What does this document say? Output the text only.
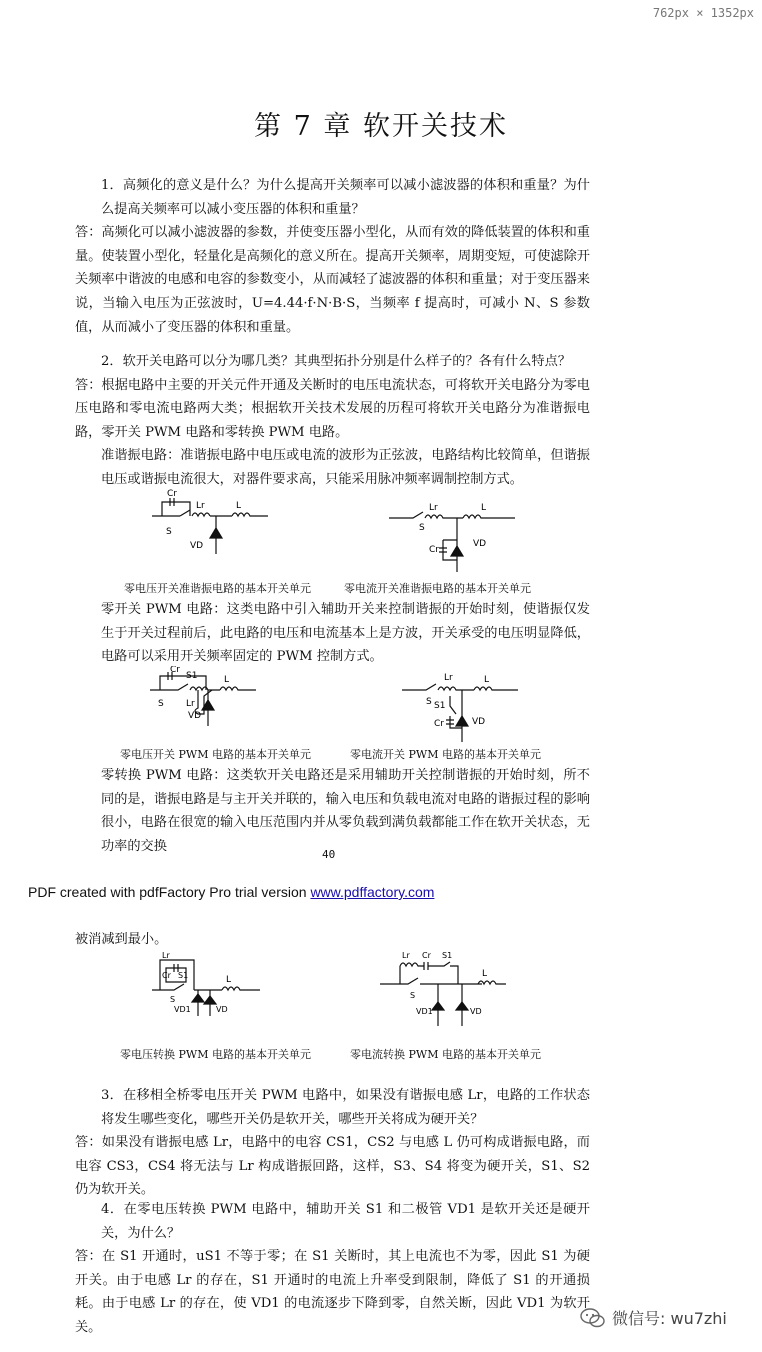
762px × 1352px
第 7 章 软开关技术
1．高频化的意义是什么？为什么提高开关频率可以减小滤波器的体积和重量？为什么提高关频率可以减小变压器的体积和重量？
答：高频化可以减小滤波器的参数，并使变压器小型化，从而有效的降低装置的体积和重量。使装置小型化，轻量化是高频化的意义所在。提高开关频率，周期变短，可使滤除开关频率中谐波的电感和电容的参数变小，从而减轻了滤波器的体积和重量；对于变压器来说，当输入电压为正弦波时，U=4.44·f·N·B·S，当频率 f 提高时，可减小 N、S 参数值，从而减小了变压器的体积和重量。
2．软开关电路可以分为哪几类？其典型拓扑分别是什么样子的？各有什么特点？
答：根据电路中主要的开关元件开通及关断时的电压电流状态，可将软开关电路分为零电压电路和零电流电路两大类；根据软开关技术发展的历程可将软开关电路分为准谐振电路，零开关 PWM 电路和零转换 PWM 电路。
准谐振电路：准谐振电路中电压或电流的波形为正弦波，电路结构比较简单，但谐振电压或谐振电流很大，对器件要求高，只能采用脉冲频率调制控制方式。
Cr
S
Lr	L
VD
S
Lr	L
Cr
VD
零电压开关准谐振电路的基本开关单元	零电流开关准谐振电路的基本开关单元
零开关 PWM 电路：这类电路中引入辅助开关来控制谐振的开始时刻，使谐振仅发生于开关过程前后，此电路的电压和电流基本上是方波，开关承受的电压明显降低，电路可以采用开关频率固定的 PWM 控制方式。
Cr
S1
S Lr
L
VD
S
Lr	L
S1
Cr	VD
零电压开关 PWM 电路的基本开关单元	零电流开关 PWM 电路的基本开关单元
零转换 PWM 电路：这类软开关电路还是采用辅助开关控制谐振的开始时刻，所不同的是，谐振电路是与主开关并联的，输入电压和负载电流对电路的谐振过程的影响很小，电路在很宽的输入电压范围内并从零负载到满负载都能工作在软开关状态，无功率的交换
40
PDF created with pdfFactory Pro trial version www.pdffactory.com
被消减到最小。
Lr
Cr S1
S
L
VD1	VD
Lr Cr S1
S
L
VD1	VD
零电压转换 PWM 电路的基本开关单元	零电流转换 PWM 电路的基本开关单元
3．在移相全桥零电压开关 PWM 电路中，如果没有谐振电感 Lr，电路的工作状态将发生哪些变化，哪些开关仍是软开关，哪些开关将成为硬开关？
答：如果没有谐振电感 Lr，电路中的电容 CS1，CS2 与电感 L 仍可构成谐振电路，而电容 CS3，CS4 将无法与 Lr 构成谐振回路，这样，S3、S4 将变为硬开关，S1、S2 仍为软开关。
4．在零电压转换 PWM 电路中，辅助开关 S1 和二极管 VD1 是软开关还是硬开关，为什么？
答：在 S1 开通时，uS1 不等于零；在 S1 关断时，其上电流也不为零，因此 S1 为硬开关。由于电感 Lr 的存在，S1 开通时的电流上升率受到限制，降低了 S1 的开通损耗。由于电感 Lr 的存在，使 VD1 的电流逐步下降到零，自然关断，因此 VD1 为软开关。	微信号: wu7zhi
